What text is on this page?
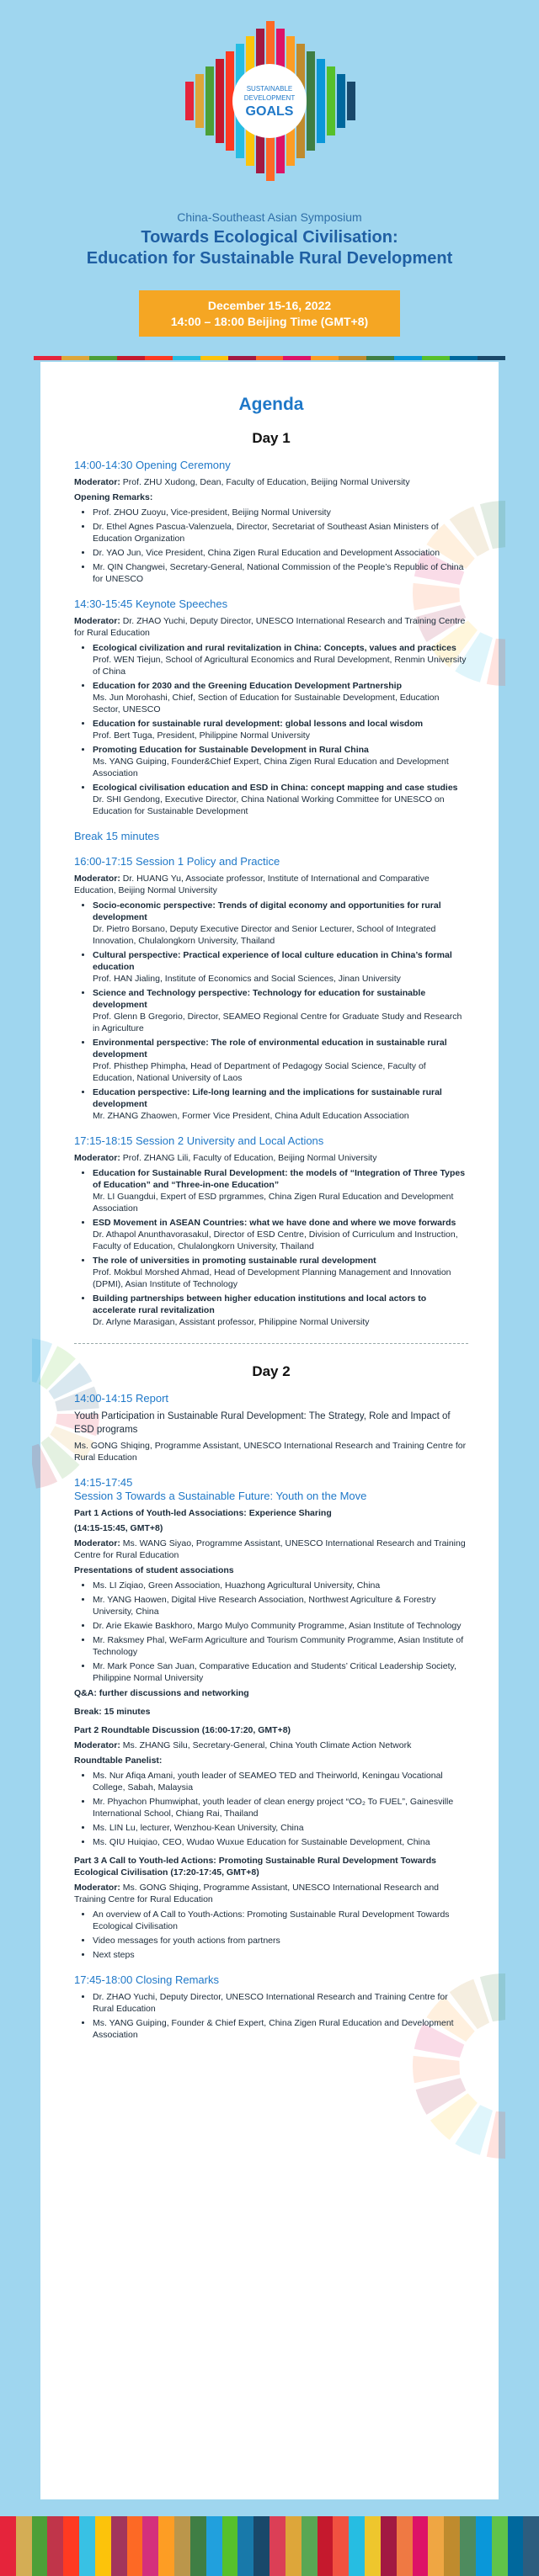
SUSTAINABLE
DEVELOPMENT
GOALS
China-Southeast Asian Symposium
Towards Ecological Civilisation:
Education for Sustainable Rural Development
December 15-16, 2022
14:00 – 18:00 Beijing Time (GMT+8)
Agenda
Day 1
14:00-14:30 Opening Ceremony

Moderator: Prof. ZHU Xudong, Dean, Faculty of Education, Beijing Normal University

Opening Remarks:

• Prof. ZHOU Zuoyu, Vice-president, Beijing Normal University
• Dr. Ethel Agnes Pascua-Valenzuela, Director, Secretariat of Southeast Asian Ministers of Education Organization
• Dr. YAO Jun, Vice President, China Zigen Rural Education and Development Association
• Mr. QIN Changwei, Secretary-General, National Commission of the People’s Republic of China for UNESCO
14:30-15:45 Keynote Speeches

Moderator: Dr. ZHAO Yuchi, Deputy Director, UNESCO International Research and Training Centre for Rural Education

• Ecological civilization and rural revitalization in China: Concepts, values and practices
Prof. WEN Tiejun, School of Agricultural Economics and Rural Development, Renmin University of China
• Education for 2030 and the Greening Education Development Partnership
Ms. Jun Morohashi, Chief, Section of Education for Sustainable Development, Education Sector, UNESCO
• Education for sustainable rural development: global lessons and local wisdom
Prof. Bert Tuga, President, Philippine Normal University
• Promoting Education for Sustainable Development in Rural China
Ms. YANG Guiping, Founder&Chief Expert, China Zigen Rural Education and Development Association
• Ecological civilisation education and ESD in China: concept mapping and case studies
Dr. SHI Gendong, Executive Director, China National Working Committee for UNESCO on Education for Sustainable Development
Break 15 minutes
16:00-17:15 Session 1 Policy and Practice

Moderator: Dr. HUANG Yu, Associate professor, Institute of International and Comparative Education, Beijing Normal University

• Socio-economic perspective: Trends of digital economy and opportunities for rural development
Dr. Pietro Borsano, Deputy Executive Director and Senior Lecturer, School of Integrated Innovation, Chulalongkorn University, Thailand
• Cultural perspective: Practical experience of local culture education in China’s formal education
Prof. HAN Jialing, Institute of Economics and Social Sciences, Jinan University
• Science and Technology perspective: Technology for education for sustainable development
Prof. Glenn B Gregorio, Director, SEAMEO Regional Centre for Graduate Study and Research in Agriculture
• Environmental perspective: The role of environmental education in sustainable rural development
Prof. Phisthep Phimpha, Head of Department of Pedagogy Social Science, Faculty of Education, National University of Laos
• Education perspective: Life-long learning and the implications for sustainable rural development
Mr. ZHANG Zhaowen, Former Vice President, China Adult Education Association
17:15-18:15 Session 2 University and Local Actions

Moderator: Prof. ZHANG Lili, Faculty of Education, Beijing Normal University

• Education for Sustainable Rural Development: the models of “Integration of Three Types of Education” and “Three-in-one Education”
Mr. LI Guangdui, Expert of ESD prgrammes, China Zigen Rural Education and Development Association
• ESD Movement in ASEAN Countries: what we have done and where we move forwards
Dr. Athapol Anunthavorasakul, Director of ESD Centre, Division of Curriculum and Instruction, Faculty of Education, Chulalongkorn University, Thailand
• The role of universities in promoting sustainable rural development
Prof. Mokbul Morshed Ahmad, Head of Development Planning Management and Innovation (DPMI), Asian Institute of Technology
• Building partnerships between higher education institutions and local actors to accelerate rural revitalization
Dr. Arlyne Marasigan, Assistant professor, Philippine Normal University
Day 2
14:00-14:15 Report

Youth Participation in Sustainable Rural Development: The Strategy, Role and Impact of ESD programs

Ms. GONG Shiqing, Programme Assistant, UNESCO International Research and Training Centre for Rural Education

14:15-17:45
Session 3 Towards a Sustainable Future: Youth on the Move

Part 1 Actions of Youth-led Associations: Experience Sharing

(14:15-15:45, GMT+8)

Moderator: Ms. WANG Siyao, Programme Assistant, UNESCO International Research and Training Centre for Rural Education

Presentations of student associations

• Ms. LI Ziqiao, Green Association, Huazhong Agricultural University, China
• Mr. YANG Haowen, Digital Hive Research Association, Northwest Agriculture & Forestry University, China
• Dr. Arie Ekawie Baskhoro, Margo Mulyo Community Programme, Asian Institute of Technology
• Mr. Raksmey Phal, WeFarm Agriculture and Tourism Community Programme, Asian Institute of Technology
• Mr. Mark Ponce San Juan, Comparative Education and Students’ Critical Leadership Society, Philippine Normal University

Q&A: further discussions and networking

Break: 15 minutes

Part 2 Roundtable Discussion (16:00-17:20, GMT+8)

Moderator: Ms. ZHANG Silu, Secretary-General, China Youth Climate Action Network

Roundtable Panelist:

• Ms. Nur Afiqa Amani, youth leader of SEAMEO TED and Theirworld, Keningau Vocational College, Sabah, Malaysia
• Mr. Phyachon Phumwiphat, youth leader of clean energy project “CO₂ To FUEL”, Gainesville International School, Chiang Rai, Thailand
• Ms. LIN Lu, lecturer, Wenzhou-Kean University, China
• Ms. QIU Huiqiao, CEO, Wudao Wuxue Education for Sustainable Development, China

Part 3 A Call to Youth-led Actions: Promoting Sustainable Rural Development Towards Ecological Civilisation (17:20-17:45, GMT+8)

Moderator: Ms. GONG Shiqing, Programme Assistant, UNESCO International Research and Training Centre for Rural Education

• An overview of A Call to Youth-Actions: Promoting Sustainable Rural Development Towards Ecological Civilisation
• Video messages for youth actions from partners
• Next steps
17:45-18:00 Closing Remarks
• Dr. ZHAO Yuchi, Deputy Director, UNESCO International Research and Training Centre for Rural Education
• Ms. YANG Guiping, Founder & Chief Expert, China Zigen Rural Education and Development Association
